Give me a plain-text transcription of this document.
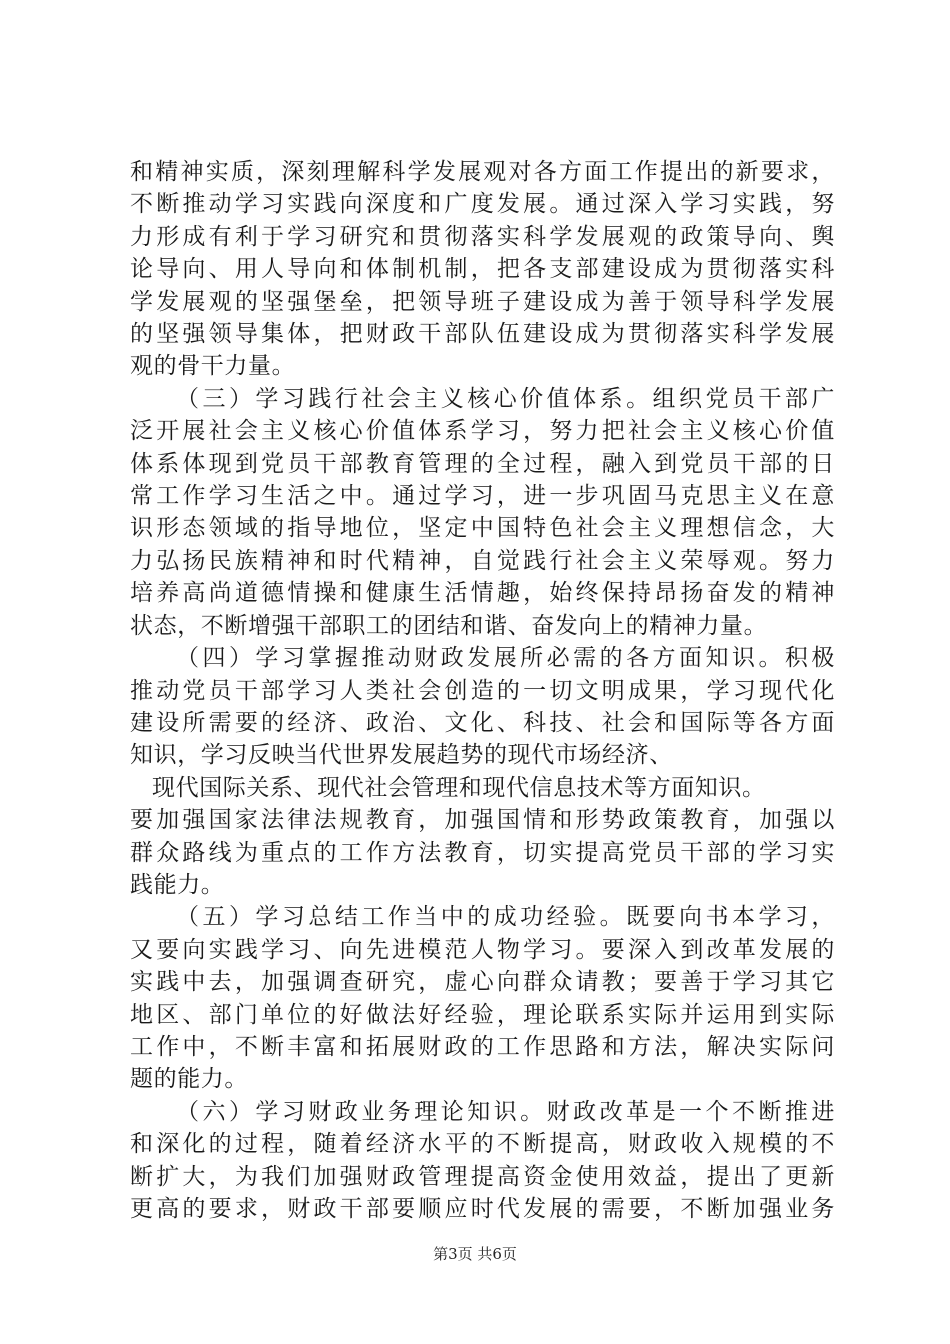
和精神实质，深刻理解科学发展观对各方面工作提出的新要求，
不断推动学习实践向深度和广度发展。通过深入学习实践，努
力形成有利于学习研究和贯彻落实科学发展观的政策导向、舆
论导向、用人导向和体制机制，把各支部建设成为贯彻落实科
学发展观的坚强堡垒，把领导班子建设成为善于领导科学发展
的坚强领导集体，把财政干部队伍建设成为贯彻落实科学发展
观的骨干力量。
（三）学习践行社会主义核心价值体系。组织党员干部广
泛开展社会主义核心价值体系学习，努力把社会主义核心价值
体系体现到党员干部教育管理的全过程，融入到党员干部的日
常工作学习生活之中。通过学习，进一步巩固马克思主义在意
识形态领域的指导地位，坚定中国特色社会主义理想信念，大
力弘扬民族精神和时代精神，自觉践行社会主义荣辱观。努力
培养高尚道德情操和健康生活情趣，始终保持昂扬奋发的精神
状态，不断增强干部职工的团结和谐、奋发向上的精神力量。
（四）学习掌握推动财政发展所必需的各方面知识。积极
推动党员干部学习人类社会创造的一切文明成果，学习现代化
建设所需要的经济、政治、文化、科技、社会和国际等各方面
知识，学习反映当代世界发展趋势的现代市场经济、
现代国际关系、现代社会管理和现代信息技术等方面知识。
要加强国家法律法规教育，加强国情和形势政策教育，加强以
群众路线为重点的工作方法教育，切实提高党员干部的学习实
践能力。
（五）学习总结工作当中的成功经验。既要向书本学习，
又要向实践学习、向先进模范人物学习。要深入到改革发展的
实践中去，加强调查研究，虚心向群众请教；要善于学习其它
地区、部门单位的好做法好经验，理论联系实际并运用到实际
工作中，不断丰富和拓展财政的工作思路和方法，解决实际问
题的能力。
（六）学习财政业务理论知识。财政改革是一个不断推进
和深化的过程，随着经济水平的不断提高，财政收入规模的不
断扩大，为我们加强财政管理提高资金使用效益，提出了更新
更高的要求，财政干部要顺应时代发展的需要，不断加强业务
第3页 共6页
